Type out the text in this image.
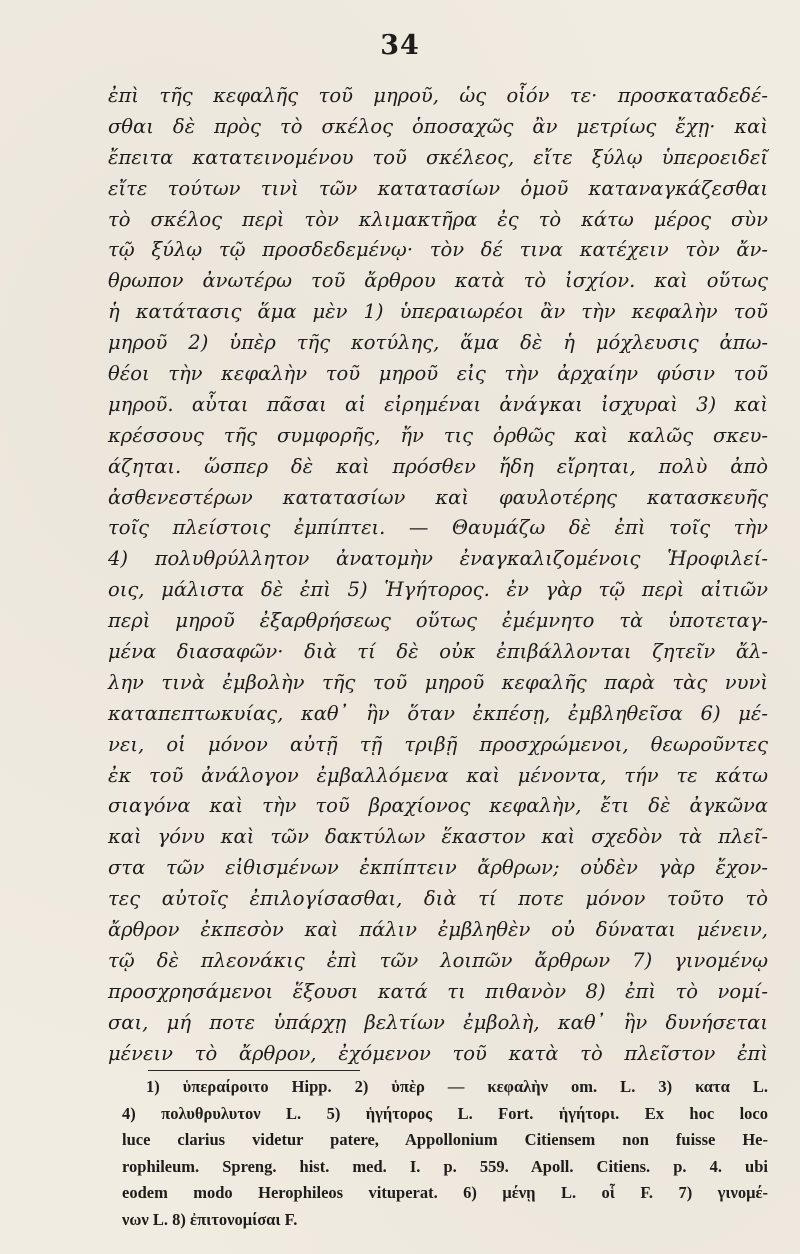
34
ἐπὶ τῆς κεφαλῆς τοῦ μηροῦ, ὡς οἷόν τε· προσκαταδεδέ-
σθαι δὲ πρὸς τὸ σκέλος ὁποσαχῶς ἂν μετρίως ἔχῃ· καὶ
ἔπειτα κατατεινομένου τοῦ σκέλεος, εἴτε ξύλῳ ὑπεροειδεῖ
εἴτε τούτων τινὶ τῶν κατατασίων ὁμοῦ καταναγκάζεσθαι
τὸ σκέλος περὶ τὸν κλιμακτῆρα ἐς τὸ κάτω μέρος σὺν
τῷ ξύλῳ τῷ προσδεδεμένῳ· τὸν δέ τινα κατέχειν τὸν ἄν-
θρωπον ἀνωτέρω τοῦ ἄρθρου κατὰ τὸ ἰσχίον. καὶ οὕτως
ἡ κατάτασις ἅμα μὲν 1) ὑπεραιωρέοι ἂν τὴν κεφαλὴν τοῦ
μηροῦ 2) ὑπὲρ τῆς κοτύλης, ἅμα δὲ ἡ μόχλευσις ἀπω-
θέοι τὴν κεφαλὴν τοῦ μηροῦ εἰς τὴν ἀρχαίην φύσιν τοῦ
μηροῦ. αὗται πᾶσαι αἱ εἰρημέναι ἀνάγκαι ἰσχυραὶ 3) καὶ
κρέσσους τῆς συμφορῆς, ἤν τις ὀρθῶς καὶ καλῶς σκευ-
άζηται. ὥσπερ δὲ καὶ πρόσθεν ἤδη εἴρηται, πολὺ ἀπὸ
ἀσθενεστέρων κατατασίων καὶ φαυλοτέρης κατασκευῆς
τοῖς πλείστοις ἐμπίπτει. — Θαυμάζω δὲ ἐπὶ τοῖς τὴν
4) πολυθρύλλητον ἀνατομὴν ἐναγκαλιζομένοις Ἡροφιλεί-
οις, μάλιστα δὲ ἐπὶ 5) Ἡγήτορος. ἐν γὰρ τῷ περὶ αἰτιῶν
περὶ μηροῦ ἐξαρθρήσεως οὕτως ἐμέμνητο τὰ ὑποτεταγ-
μένα διασαφῶν· διὰ τί δὲ οὐκ ἐπιβάλλονται ζητεῖν ἄλ-
λην τινὰ ἐμβολὴν τῆς τοῦ μηροῦ κεφαλῆς παρὰ τὰς νυνὶ
καταπεπτωκυίας, καθ᾽ ἣν ὅταν ἐκπέσῃ, ἐμβληθεῖσα 6) μέ-
νει, οἱ μόνον αὐτῇ τῇ τριβῇ προσχρώμενοι, θεωροῦντες
ἐκ τοῦ ἀνάλογον ἐμβαλλόμενα καὶ μένοντα, τήν τε κάτω
σιαγόνα καὶ τὴν τοῦ βραχίονος κεφαλὴν, ἔτι δὲ ἀγκῶνα
καὶ γόνυ καὶ τῶν δακτύλων ἕκαστον καὶ σχεδὸν τὰ πλεῖ-
στα τῶν εἰθισμένων ἐκπίπτειν ἄρθρων; οὐδὲν γὰρ ἔχον-
τες αὐτοῖς ἐπιλογίσασθαι, διὰ τί ποτε μόνον τοῦτο τὸ
ἄρθρον ἐκπεσὸν καὶ πάλιν ἐμβληθὲν οὐ δύναται μένειν,
τῷ δὲ πλεονάκις ἐπὶ τῶν λοιπῶν ἄρθρων 7) γινομένῳ
προσχρησάμενοι ἕξουσι κατά τι πιθανὸν 8) ἐπὶ τὸ νομί-
σαι, μή ποτε ὑπάρχῃ βελτίων ἐμβολὴ, καθ᾽ ἣν δυνήσεται
μένειν τὸ ἄρθρον, ἐχόμενον τοῦ κατὰ τὸ πλεῖστον ἐπὶ
1) ὑπεραίροιτο Hipp. 2) ὑπὲρ — κεφαλὴν om. L. 3) κατα L.
4) πολυθρυλυτον L. 5) ἡγήτορος L. Fort. ἡγήτορι. Ex hoc loco
luce clarius videtur patere, Appollonium Citiensem non fuisse He-
rophileum. Spreng. hist. med. I. p. 559. Apoll. Citiens. p. 4. ubi
eodem modo Herophileos vituperat. 6) μένῃ L. οἷ F. 7) γινομέ-
νων L. 8) ἐπιτονομίσαι F.
